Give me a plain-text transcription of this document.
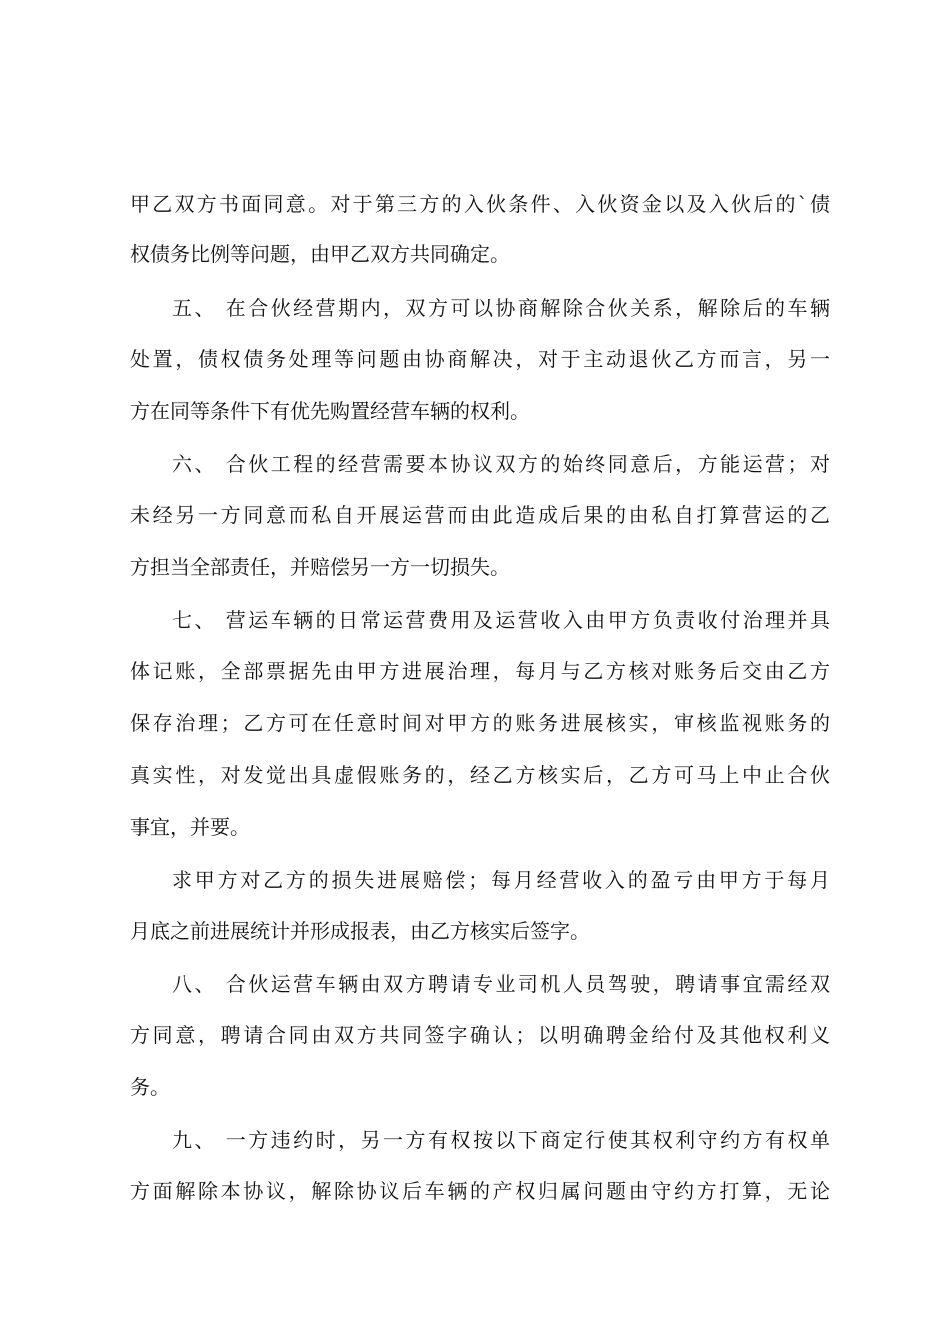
甲乙双方书面同意。对于第三方的入伙条件、入伙资金以及入伙后的`债
权债务比例等问题，由甲乙双方共同确定。
五、 在合伙经营期内，双方可以协商解除合伙关系，解除后的车辆
处置，债权债务处理等问题由协商解决，对于主动退伙乙方而言，另一
方在同等条件下有优先购置经营车辆的权利。
六、 合伙工程的经营需要本协议双方的始终同意后，方能运营；对
未经另一方同意而私自开展运营而由此造成后果的由私自打算营运的乙
方担当全部责任，并赔偿另一方一切损失。
七、 营运车辆的日常运营费用及运营收入由甲方负责收付治理并具
体记账，全部票据先由甲方进展治理，每月与乙方核对账务后交由乙方
保存治理；乙方可在任意时间对甲方的账务进展核实，审核监视账务的
真实性，对发觉出具虚假账务的，经乙方核实后，乙方可马上中止合伙
事宜，并要。
求甲方对乙方的损失进展赔偿；每月经营收入的盈亏由甲方于每月
月底之前进展统计并形成报表，由乙方核实后签字。
八、 合伙运营车辆由双方聘请专业司机人员驾驶，聘请事宜需经双
方同意，聘请合同由双方共同签字确认；以明确聘金给付及其他权利义
务。
九、 一方违约时，另一方有权按以下商定行使其权利守约方有权单
方面解除本协议，解除协议后车辆的产权归属问题由守约方打算，无论
